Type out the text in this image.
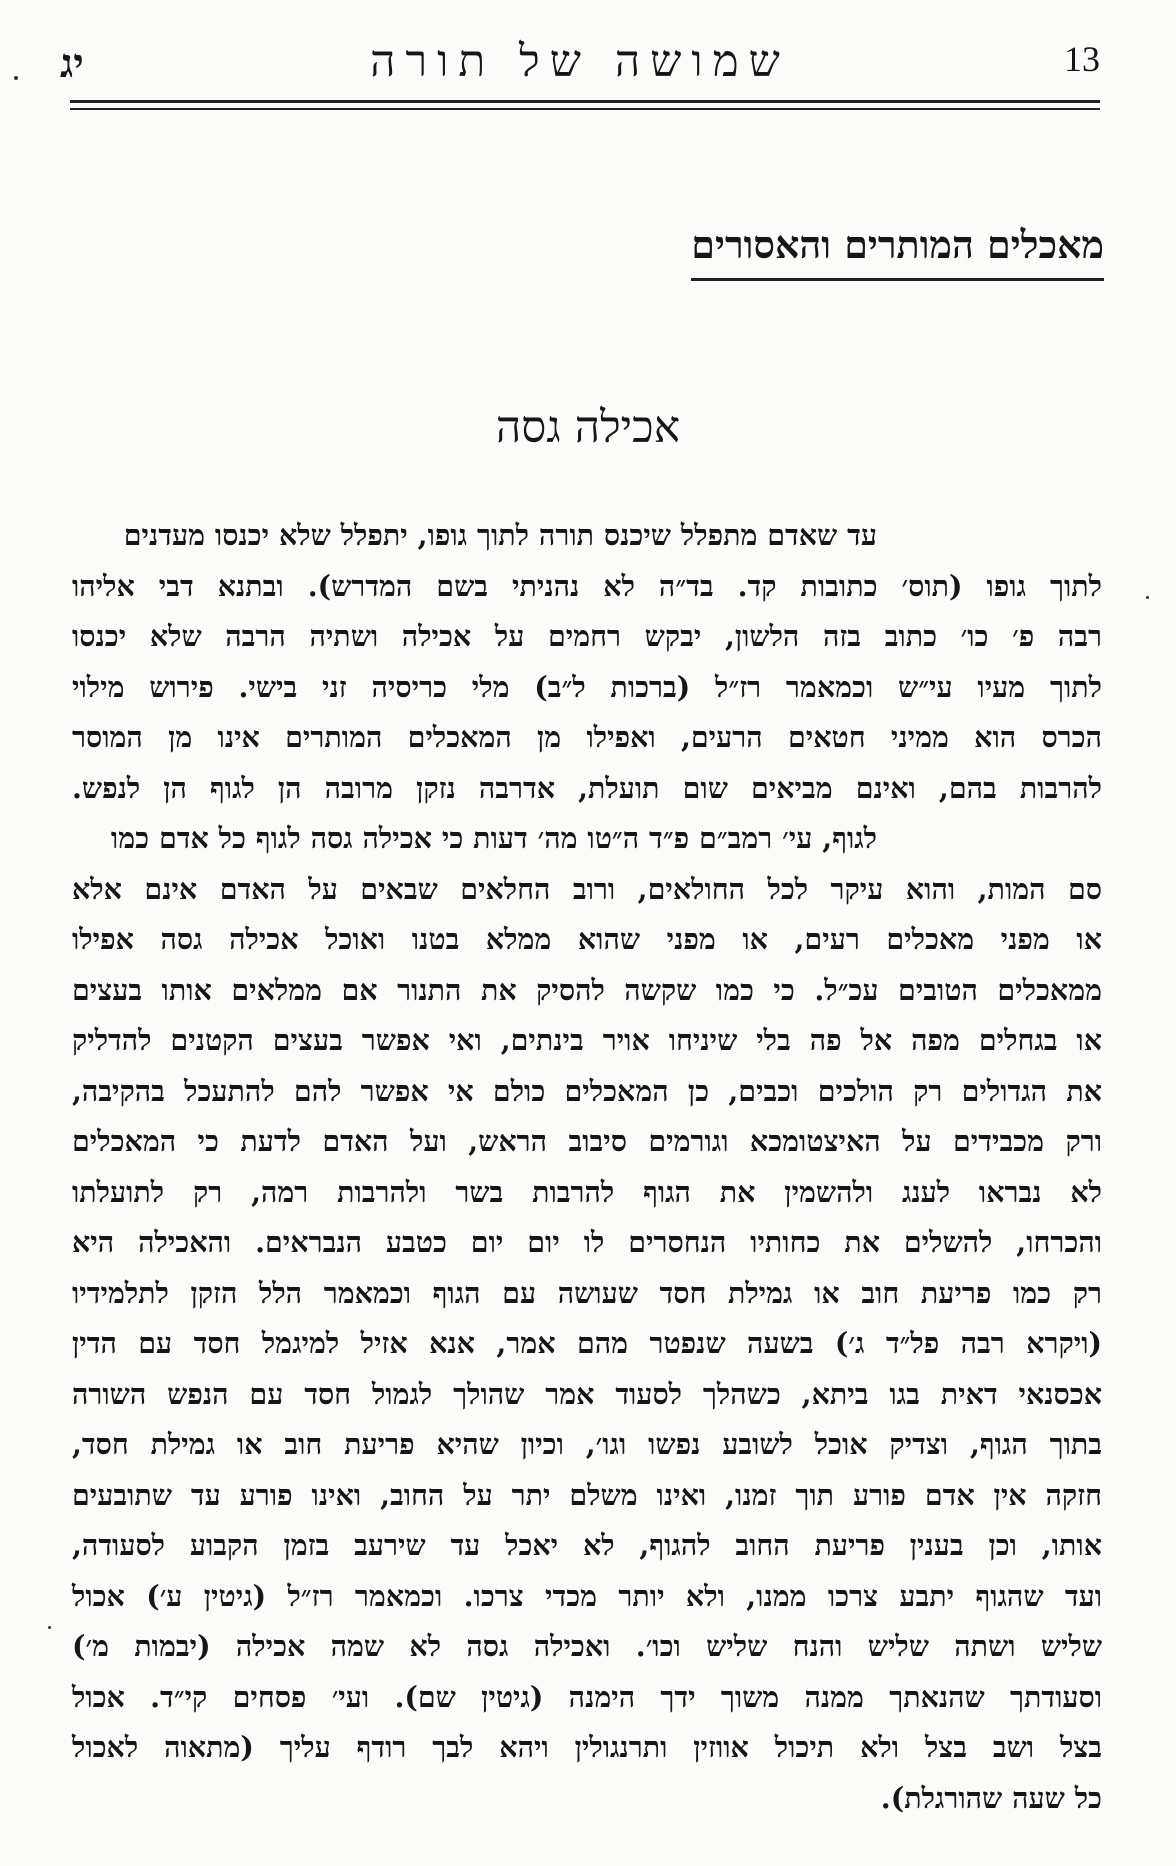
יג	שמושה של תורה	13
מאכלים המותרים והאסורים
אכילה גסה
עד שאדם מתפלל שיכנס תורה לתוך גופו, יתפלל שלא יכנסו מעדנים
לתוך גופו (תוס׳ כתובות קד. בד״ה לא נהניתי בשם המדרש). ובתנא דבי אליהו
רבה פ׳ כו׳ כתוב בזה הלשון, יבקש רחמים על אכילה ושתיה הרבה שלא יכנסו
לתוך מעיו עי״ש וכמאמר רז״ל (ברכות ל״ב) מלי כריסיה זני בישי. פירוש מילוי
הכרס הוא ממיני חטאים הרעים, ואפילו מן המאכלים המותרים אינו מן המוסר
להרבות בהם, ואינם מביאים שום תועלת, אדרבה נזקן מרובה הן לגוף הן לנפש.
לגוף, עי׳ רמב״ם פ״ד ה״טו מה׳ דעות כי אכילה גסה לגוף כל אדם כמו
סם המות, והוא עיקר לכל החולאים, ורוב החלאים שבאים על האדם אינם אלא
או מפני מאכלים רעים, או מפני שהוא ממלא בטנו ואוכל אכילה גסה אפילו
ממאכלים הטובים עכ״ל. כי כמו שקשה להסיק את התנור אם ממלאים אותו בעצים
או בגחלים מפה אל פה בלי שיניחו אויר בינתים, ואי אפשר בעצים הקטנים להדליק
את הגדולים רק הולכים וכבים, כן המאכלים כולם אי אפשר להם להתעכל בהקיבה,
ורק מכבידים על האיצטומכא וגורמים סיבוב הראש, ועל האדם לדעת כי המאכלים
לא נבראו לענג ולהשמין את הגוף להרבות בשר ולהרבות רמה, רק לתועלתו
והכרחו, להשלים את כחותיו הנחסרים לו יום יום כטבע הנבראים. והאכילה היא
רק כמו פריעת חוב או גמילת חסד שעושה עם הגוף וכמאמר הלל הזקן לתלמידיו
(ויקרא רבה פל״ד ג׳) בשעה שנפטר מהם אמר, אנא אזיל למיגמל חסד עם הדין
אכסנאי דאית בגו ביתא, כשהלך לסעוד אמר שהולך לגמול חסד עם הנפש השורה
בתוך הגוף, וצדיק אוכל לשובע נפשו וגו׳, וכיון שהיא פריעת חוב או גמילת חסד,
חזקה אין אדם פורע תוך זמנו, ואינו משלם יתר על החוב, ואינו פורע עד שתובעים
אותו, וכן בענין פריעת החוב להגוף, לא יאכל עד שירעב בזמן הקבוע לסעודה,
ועד שהגוף יתבע צרכו ממנו, ולא יותר מכדי צרכו. וכמאמר רז״ל (גיטין ע׳) אכול
שליש ושתה שליש והנח שליש וכו׳. ואכילה גסה לא שמה אכילה (יבמות מ׳)
וסעודתך שהנאתך ממנה משוך ידך הימנה (גיטין שם). ועי׳ פסחים קי״ד. אכול
בצל ושב בצל ולא תיכול אווזין ותרנגולין ויהא לבך רודף עליך (מתאוה לאכול
כל שעה שהורגלת).
